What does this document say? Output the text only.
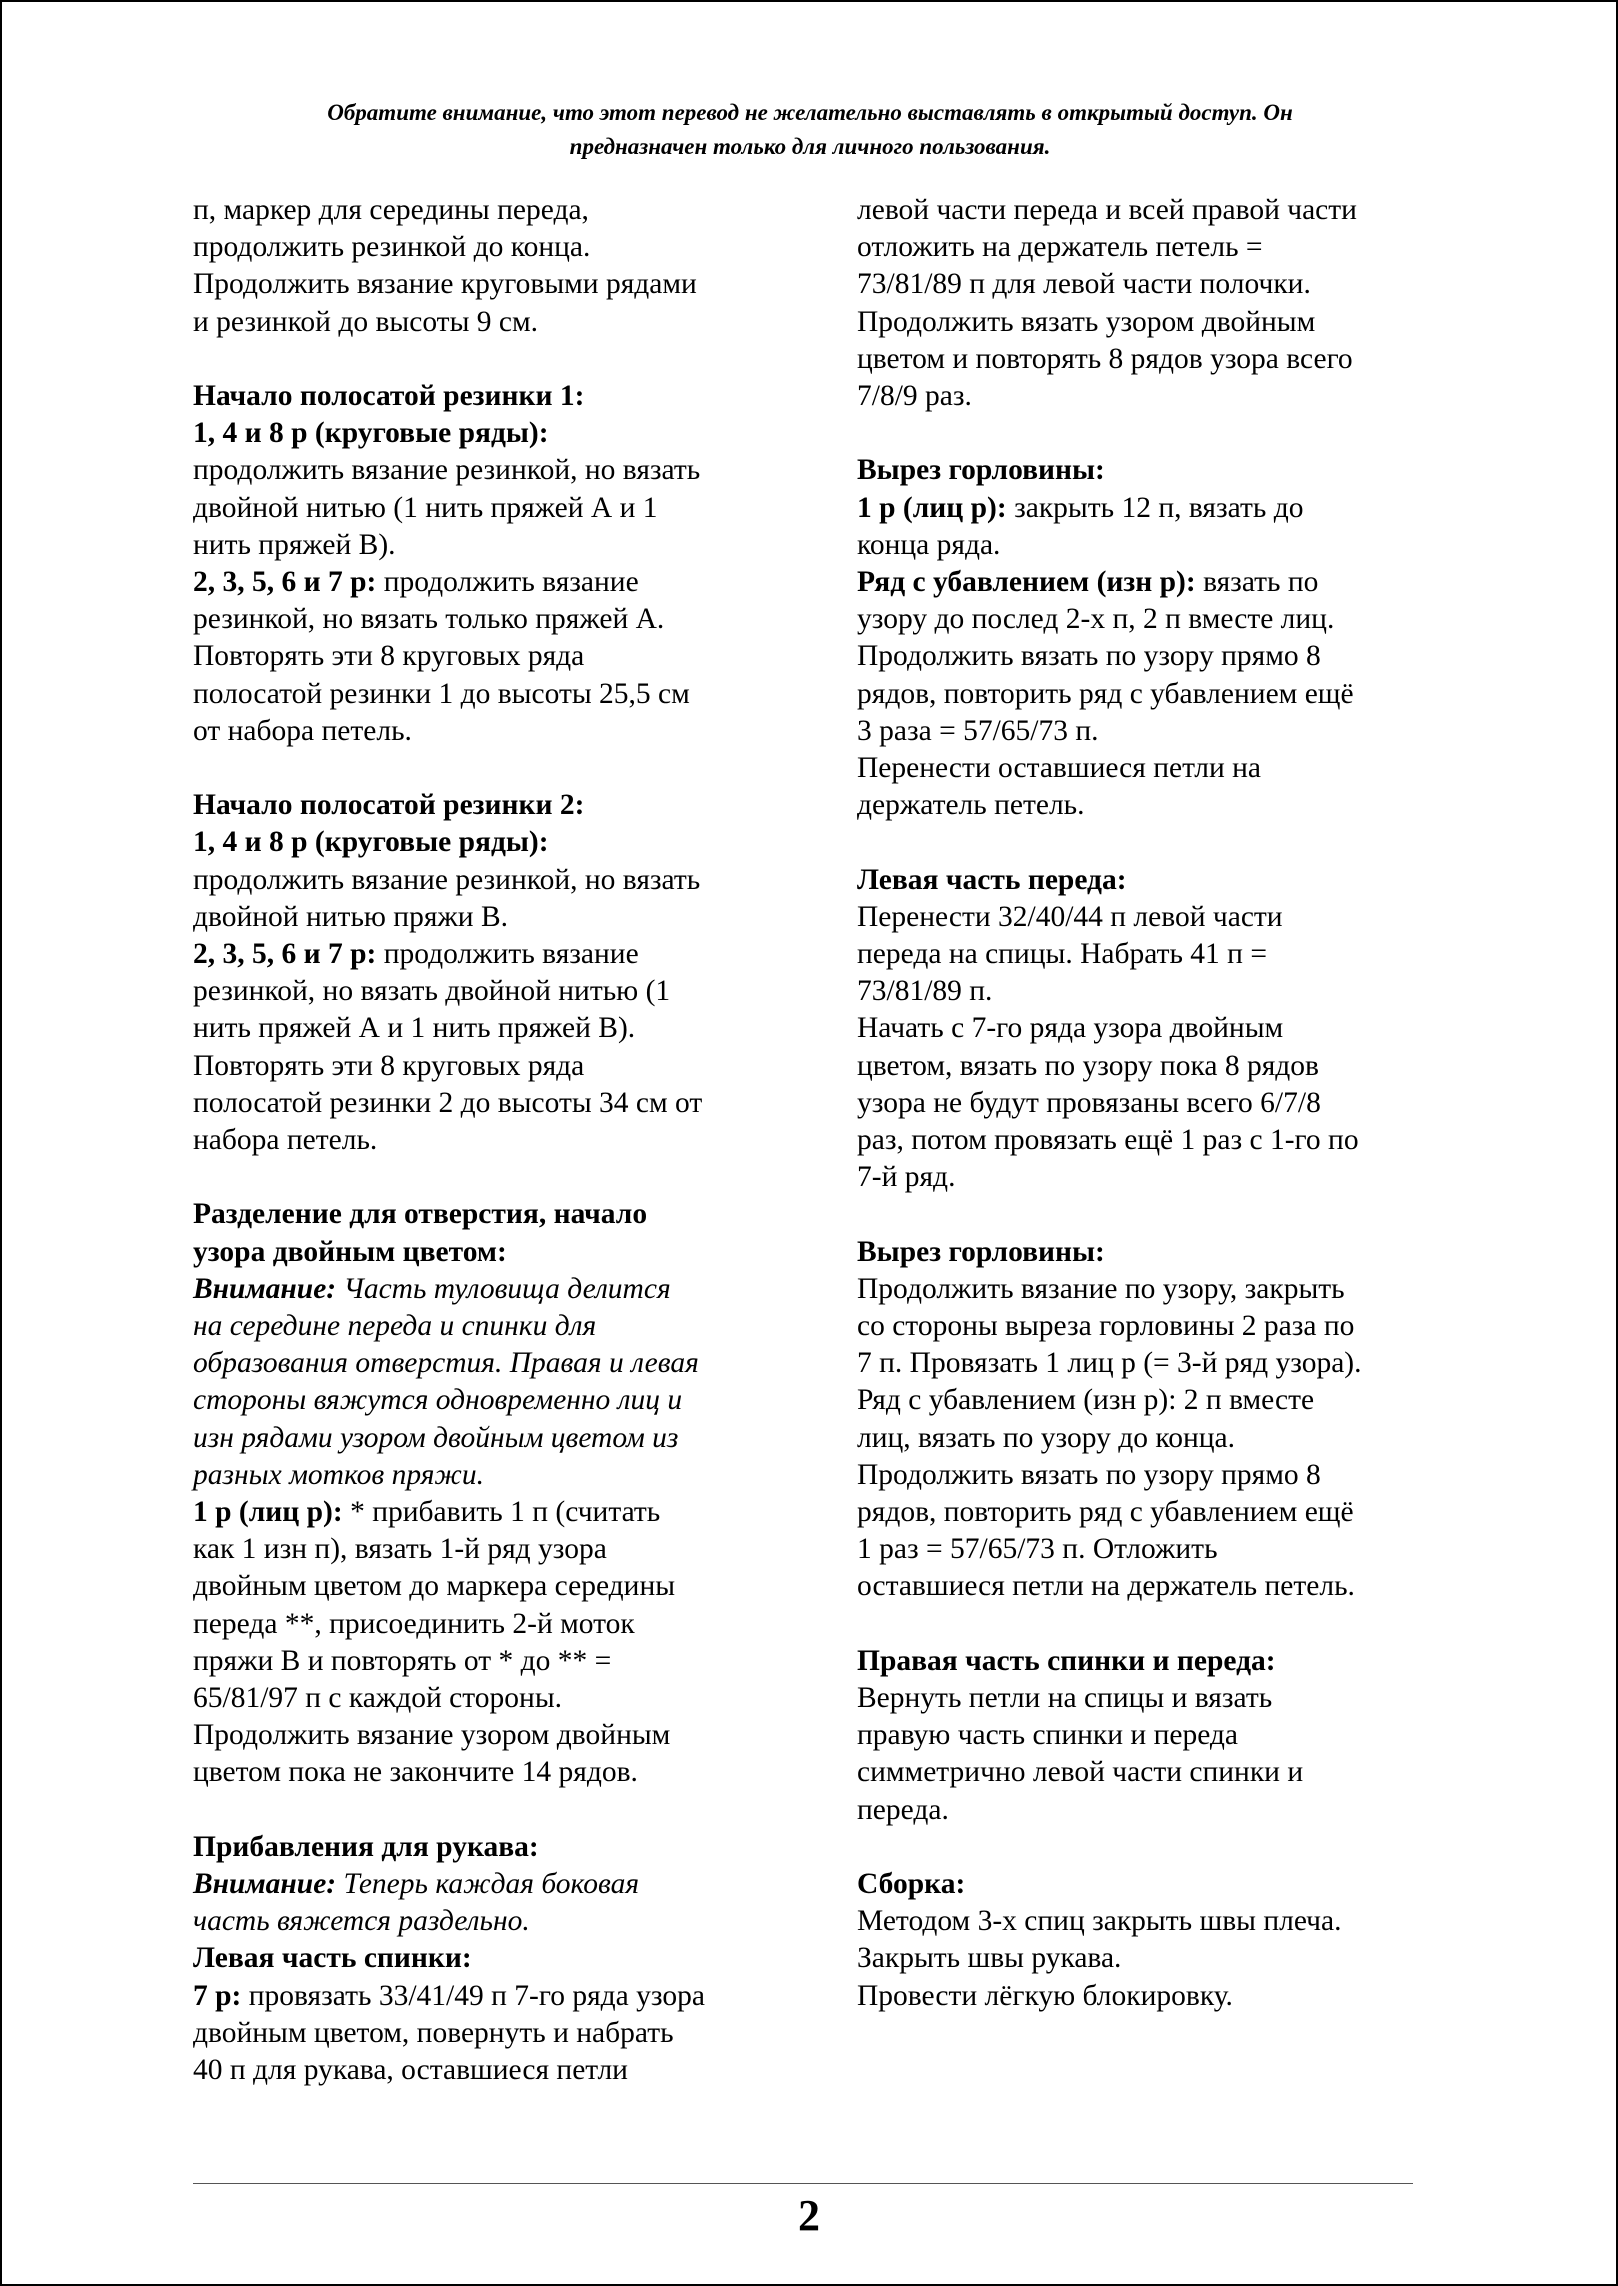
Обратите внимание, что этот перевод не желательно выставлять в открытый доступ. Он
предназначен только для личного пользования.

п, маркер для середины переда,

продолжить резинкой до конца.

Продолжить вязание круговыми рядами

и резинкой до высоты 9 см.

Начало полосатой резинки 1:

1, 4 и 8 р (круговые ряды):

продолжить вязание резинкой, но вязать

двойной нитью (1 нить пряжей А и 1

нить пряжей В).

2, 3, 5, 6 и 7 р: продолжить вязание

резинкой, но вязать только пряжей А.

Повторять эти 8 круговых ряда

полосатой резинки 1 до высоты 25,5 см

от набора петель.

Начало полосатой резинки 2:

1, 4 и 8 р (круговые ряды):

продолжить вязание резинкой, но вязать

двойной нитью пряжи В.

2, 3, 5, 6 и 7 р: продолжить вязание

резинкой, но вязать двойной нитью (1

нить пряжей А и 1 нить пряжей В).

Повторять эти 8 круговых ряда

полосатой резинки 2 до высоты 34 см от

набора петель.

Разделение для отверстия, начало

узора двойным цветом:

Внимание: Часть туловища делится

на середине переда и спинки для

образования отверстия. Правая и левая

стороны вяжутся одновременно лиц и

изн рядами узором двойным цветом из

разных мотков пряжи.

1 р (лиц р): * прибавить 1 п (считать

как 1 изн п), вязать 1-й ряд узора

двойным цветом до маркера середины

переда **, присоединить 2-й моток

пряжи В и повторять от * до ** =

65/81/97 п с каждой стороны.

Продолжить вязание узором двойным

цветом пока не закончите 14 рядов.

Прибавления для рукава:

Внимание: Теперь каждая боковая

часть вяжется раздельно.

Левая часть спинки:

7 р: провязать 33/41/49 п 7-го ряда узора

двойным цветом, повернуть и набрать

40 п для рукава, оставшиеся петли

левой части переда и всей правой части

отложить на держатель петель =

73/81/89 п для левой части полочки.

Продолжить вязать узором двойным

цветом и повторять 8 рядов узора всего

7/8/9 раз.

Вырез горловины:

1 р (лиц р): закрыть 12 п, вязать до

конца ряда.

Ряд с убавлением (изн р): вязать по

узору до послед 2-х п, 2 п вместе лиц.

Продолжить вязать по узору прямо 8

рядов, повторить ряд с убавлением ещё

3 раза = 57/65/73 п.

Перенести оставшиеся петли на

держатель петель.

Левая часть переда:

Перенести 32/40/44 п левой части

переда на спицы. Набрать 41 п =

73/81/89 п.

Начать с 7-го ряда узора двойным

цветом, вязать по узору пока 8 рядов

узора не будут провязаны всего 6/7/8

раз, потом провязать ещё 1 раз с 1-го по

7-й ряд.

Вырез горловины:

Продолжить вязание по узору, закрыть

со стороны выреза горловины 2 раза по

7 п. Провязать 1 лиц р (= 3-й ряд узора).

Ряд с убавлением (изн р): 2 п вместе

лиц, вязать по узору до конца.

Продолжить вязать по узору прямо 8

рядов, повторить ряд с убавлением ещё

1 раз = 57/65/73 п. Отложить

оставшиеся петли на держатель петель.

Правая часть спинки и переда:

Вернуть петли на спицы и вязать

правую часть спинки и переда

симметрично левой части спинки и

переда.

Сборка:

Методом 3-х спиц закрыть швы плеча.

Закрыть швы рукава.

Провести лёгкую блокировку.

2
